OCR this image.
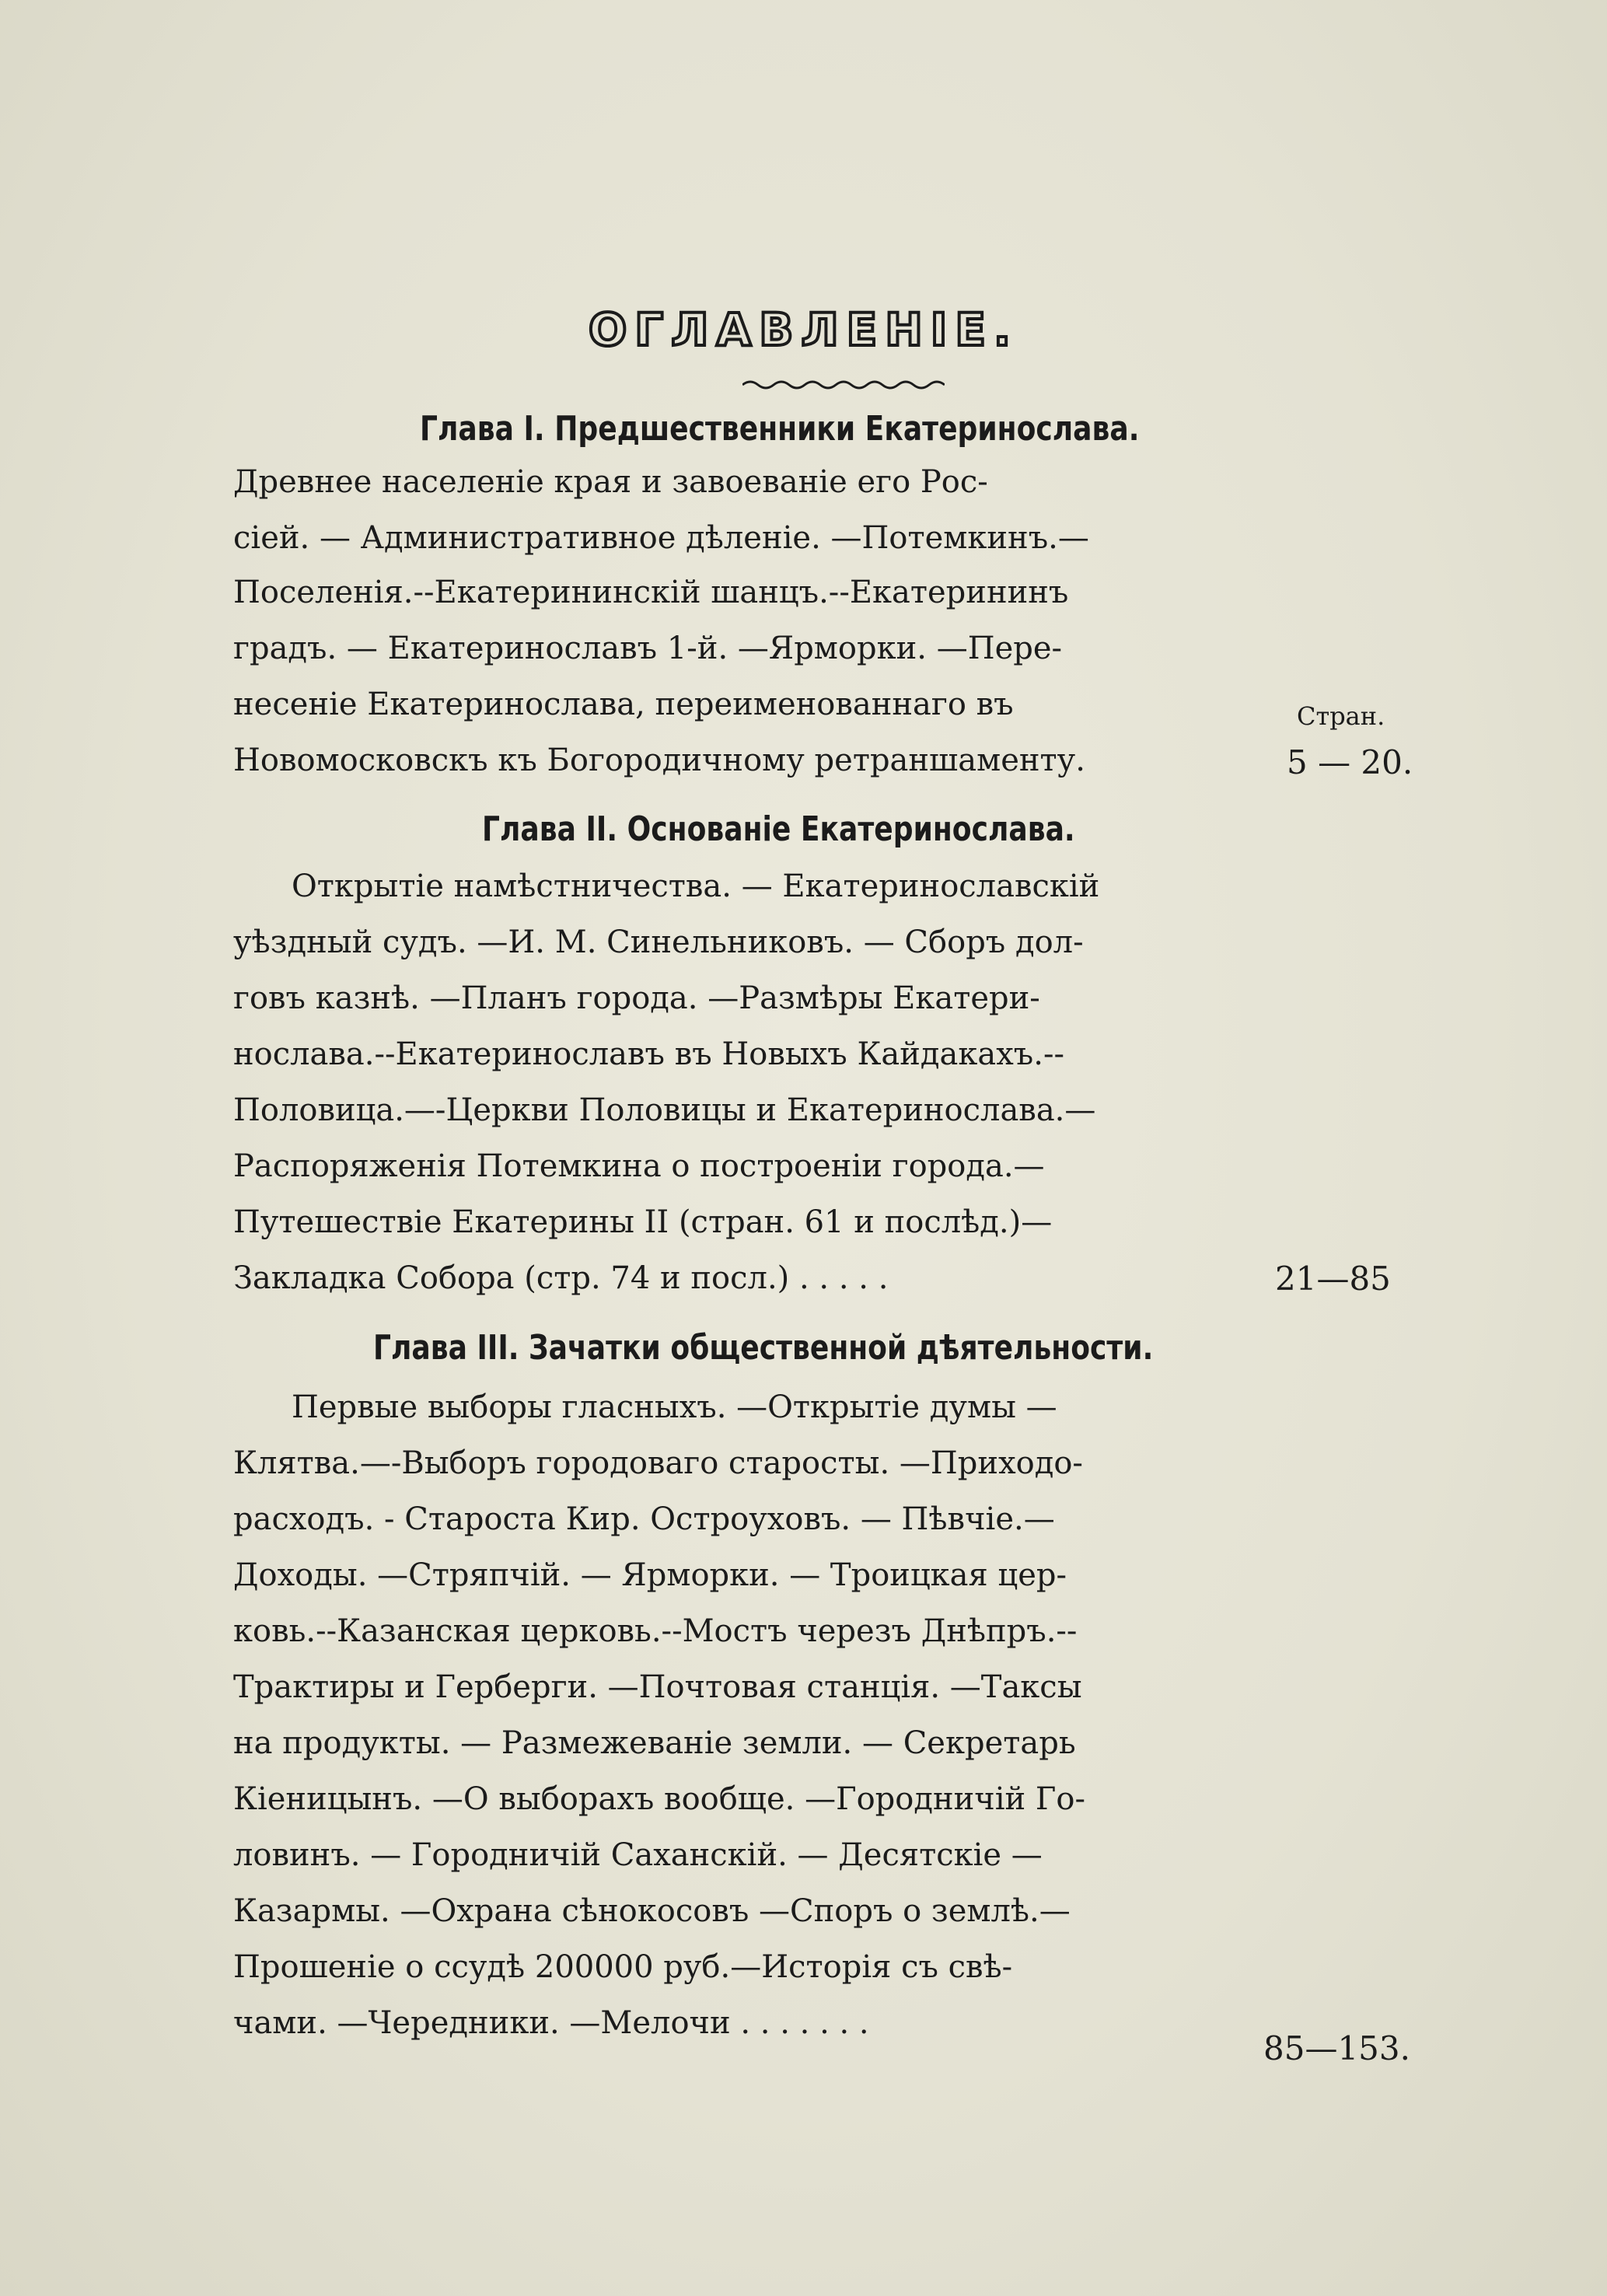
ОГЛАВЛЕНIЕ.
Глава I. Предшественники Екатеринослава.
Древнее населенiе края и завоеванiе его Рос-
сiей. — Административное дѣленiе. —Потемкинъ.—
Поселенiя.--Екатерининскiй шанцъ.--Екатерининъ
градъ. — Екатеринославъ 1-й. —Ярморки. —Пере-
несенiе Екатеринослава, переименованнаго въ
Новомосковскъ къ Богородичному ретраншаменту.
Стран.
5 — 20.
Глава II. Основанiе Екатеринослава.
Открытiе намѣстничества. — Екатеринославскiй
уѣздный судъ. —И. М. Синельниковъ. — Сборъ дол-
говъ казнѣ. —Планъ города. —Размѣры Екатери-
нослава.--Екатеринославъ въ Новыхъ Кайдакахъ.--
Половица.—-Церкви Половицы и Екатеринослава.—
Распоряженiя Потемкина о построенiи города.—
Путешествiе Екатерины II (стран. 61 и послѣд.)—
Закладка Собора (стр. 74 и посл.) . . . . .	21—85
Глава III. Зачатки общественной дѣятельности.
Первые выборы гласныхъ. —Открытiе думы —
Клятва.—-Выборъ городоваго старосты. —Приходо-
расходъ. - Староста Кир. Остроуховъ. — Пѣвчiе.—
Доходы. —Стряпчiй. — Ярморки. — Троицкая цер-
ковь.--Казанская церковь.--Мостъ черезъ Днѣпръ.--
Трактиры и Герберги. —Почтовая станцiя. —Таксы
на продукты. — Размежеванiе земли. — Секретарь
Кiеницынъ. —О выборахъ вообще. —Городничiй Го-
ловинъ. — Городничiй Саханскiй. — Десятскiе —
Казармы. —Охрана сѣнокосовъ —Споръ о землѣ.—
Прошенiе о ссудѣ 200000 руб.—Исторiя съ свѣ-
чами. —Чередники. —Мелочи . . . . . . .
85—153.
